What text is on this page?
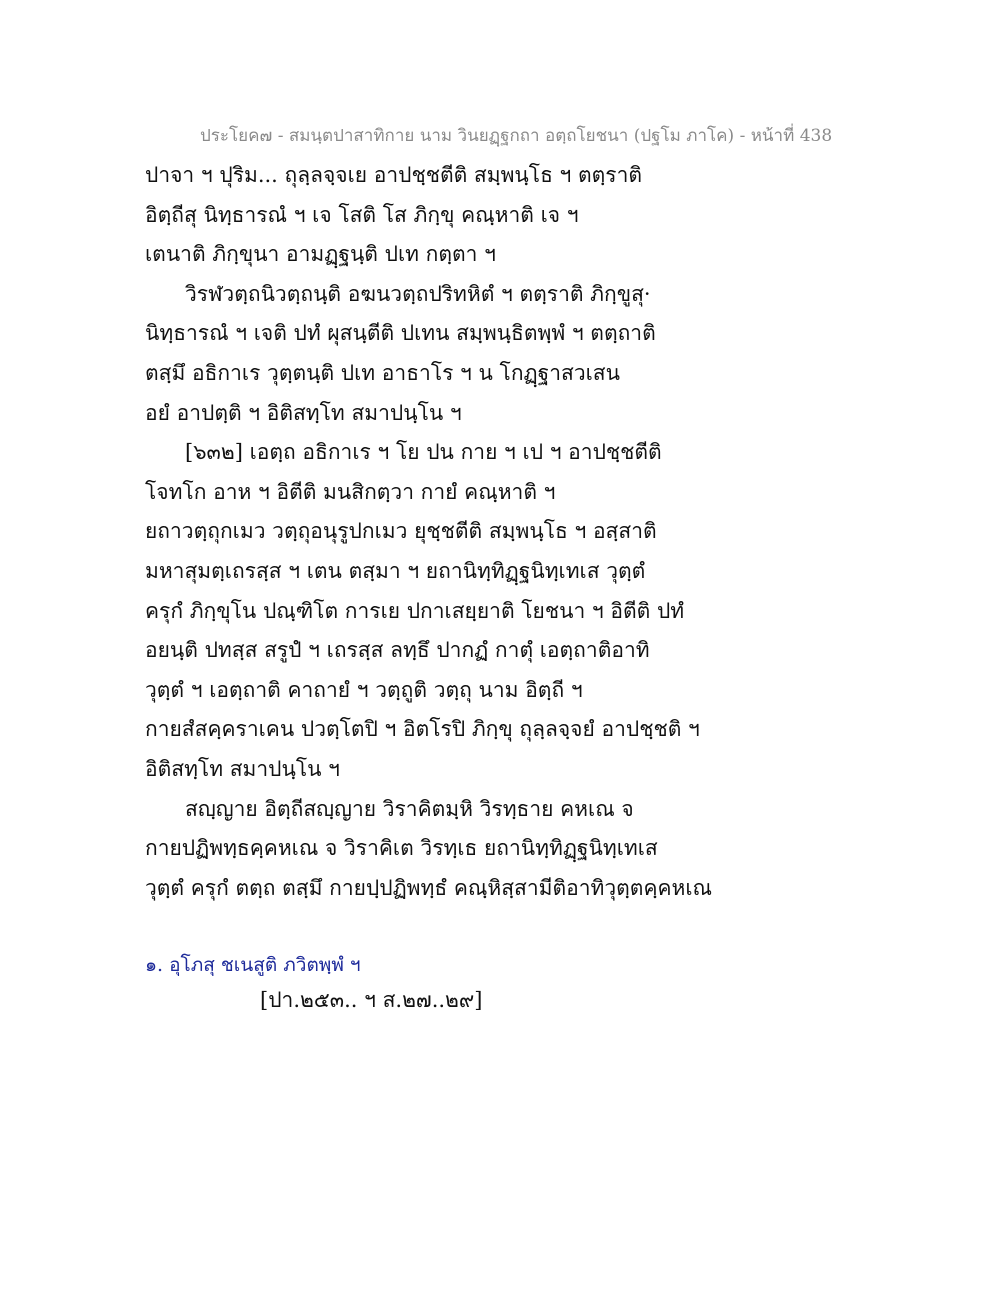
ประโยค๗ - สมนฺตปาสาทิกาย นาม วินยฏฺฐกถา อตฺถโยชนา (ปฐโม ภาโค) - หน้าที่ 438
ปาจา ฯ ปุริม... ถุลฺลจฺจเย อาปชฺชตีติ สมฺพนฺโธ ฯ ตตฺราติ
อิตฺถีสุ นิทฺธารณํ ฯ เจ โสติ โส ภิกฺขุ คณฺหาติ เจ ฯ
เตนาติ ภิกฺขุนา อามฏฺฐนฺติ ปเท กตฺตา ฯ
วิรฬวตฺถนิวตฺถนฺติ อฆนวตฺถปริทหิตํ ฯ ตตฺราติ ภิกฺขูสุ·
นิทฺธารณํ ฯ เจติ ปทํ ผุสนฺตีติ ปเทน สมฺพนฺธิตพฺพํ ฯ ตตฺถาติ
ตสฺมึ อธิกาเร วุตฺตนฺติ ปเท อาธาโร ฯ น โกฏฺฐาสวเสน
อยํ อาปตฺติ ฯ อิติสทฺโท สมาปนฺโน ฯ
[๖๓๒] เอตฺถ อธิกาเร ฯ โย ปน กาย ฯ เป ฯ อาปชฺชตีติ
โจทโก อาห ฯ อิตีติ มนสิกตฺวา กายํ คณฺหาติ ฯ
ยถาวตฺถุกเมว วตฺถุอนุรูปกเมว ยุชฺชตีติ สมฺพนฺโธ ฯ อสฺสาติ
มหาสุมตฺเถรสฺส ฯ เตน ตสฺมา ฯ ยถานิทฺทิฏฺฐนิทฺเทเส วุตฺตํ
ครุกํ ภิกฺขุโน ปณฺฑิโต การเย ปกาเสยฺยาติ โยชนา ฯ อิตีติ ปทํ
อยนฺติ ปทสฺส สรูปํ ฯ เถรสฺส ลทฺธึ ปากฏํ กาตุํ เอตฺถาติอาทิ
วุตฺตํ ฯ เอตฺถาติ คาถายํ ฯ วตฺถูติ วตฺถุ นาม อิตฺถี ฯ
กายสํสคฺคราเคน ปวตฺโตปิ ฯ อิตโรปิ ภิกฺขุ ถุลฺลจฺจยํ อาปชฺชติ ฯ
อิติสทฺโท สมาปนฺโน ฯ
สญฺญาย อิตฺถีสญฺญาย วิราคิตมฺหิ วิรทฺธาย คหเณ จ
กายปฏิพทฺธคฺคหเณ จ วิราคิเต วิรทฺเธ ยถานิทฺทิฏฺฐนิทฺเทเส
วุตฺตํ ครุกํ ตตฺถ ตสฺมึ กายปฺปฏิพทฺธํ คณฺหิสฺสามีติอาทิวุตฺตคฺคหเณ
๑. อุโภสุ ชเนสูติ ภวิตพฺพํ ฯ
[ปา.๒๕๓.. ฯ ส.๒๗..๒๙]
